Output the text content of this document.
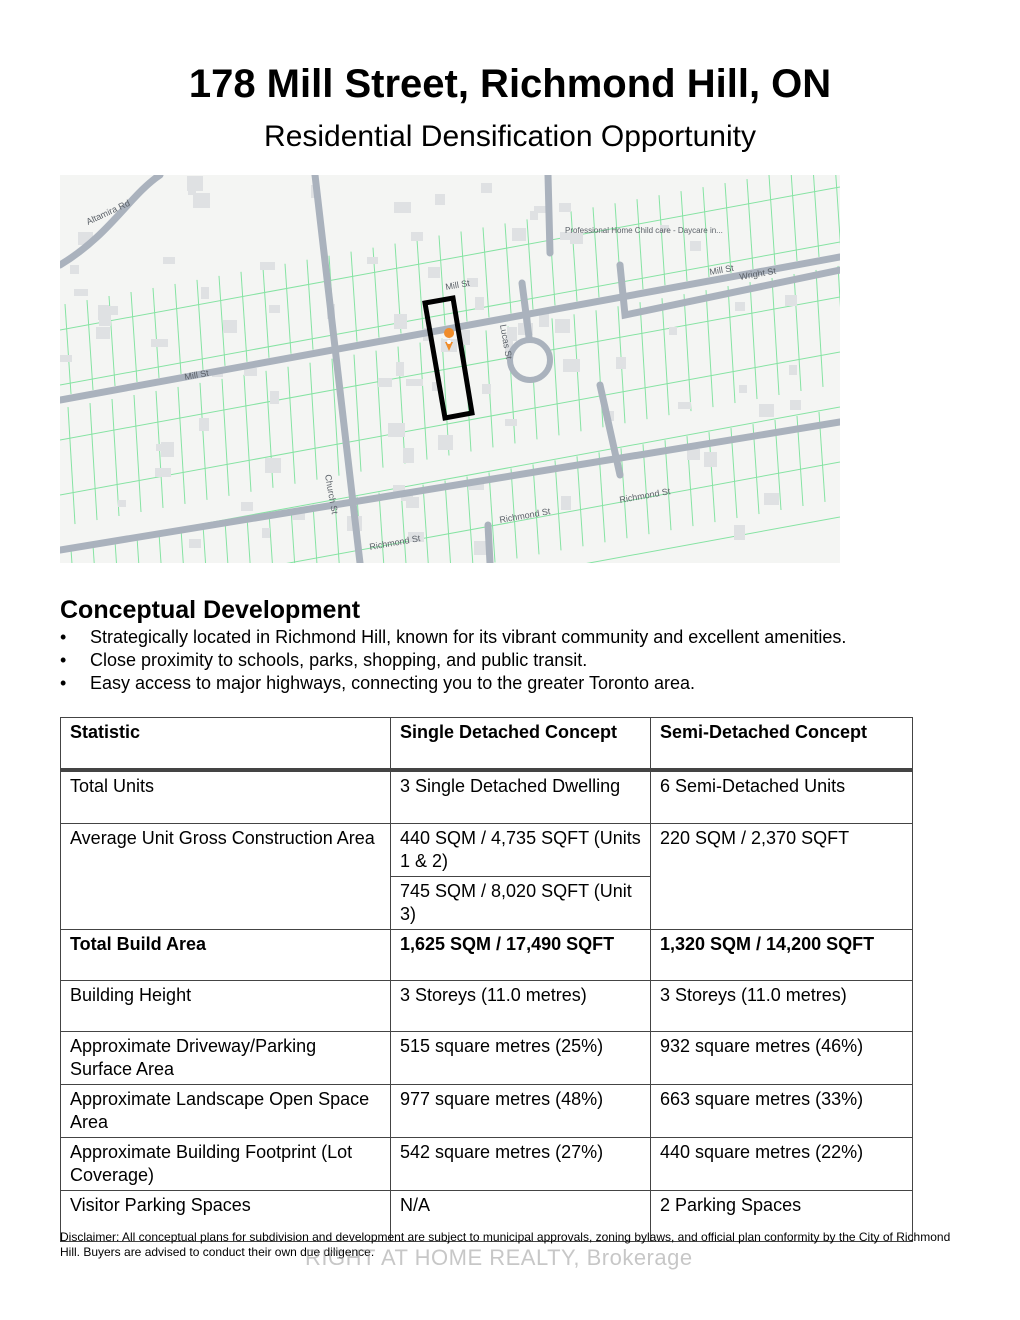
178 Mill Street, Richmond Hill, ON
Residential Densification Opportunity
Altamira Rd
Mill St
Mill St
Mill St Wright St
Richmond St
Richmond St
Richmond St
Lucas St
Church St
Professional Home Child care - Daycare in...
Conceptual Development
• Strategically located in Richmond Hill, known for its vibrant community and excellent amenities.
• Close proximity to schools, parks, shopping, and public transit.
• Easy access to major highways, connecting you to the greater Toronto area.
Statistic	Single Detached Concept	Semi-Detached Concept
Total Units	3 Single Detached Dwelling	6 Semi-Detached Units
Average Unit Gross Construction Area	440 SQM / 4,735 SQFT (Units 1 & 2)	220 SQM / 2,370 SQFT
	745 SQM / 8,020 SQFT (Unit 3)	
Total Build Area	1,625 SQM / 17,490 SQFT	1,320 SQM / 14,200 SQFT
Building Height	3 Storeys (11.0 metres)	3 Storeys (11.0 metres)
Approximate Driveway/Parking Surface Area	515 square metres (25%)	932 square metres (46%)
Approximate Landscape Open Space Area	977 square metres (48%)	663 square metres (33%)
Approximate Building Footprint (Lot Coverage)	542 square metres (27%)	440 square metres (22%)
Visitor Parking Spaces	N/A	2 Parking Spaces
Disclaimer: All conceptual plans for subdivision and development are subject to municipal approvals, zoning bylaws, and official plan conformity by the City of Richmond Hill. Buyers are advised to conduct their own due diligence.
RIGHT AT HOME REALTY, Brokerage
